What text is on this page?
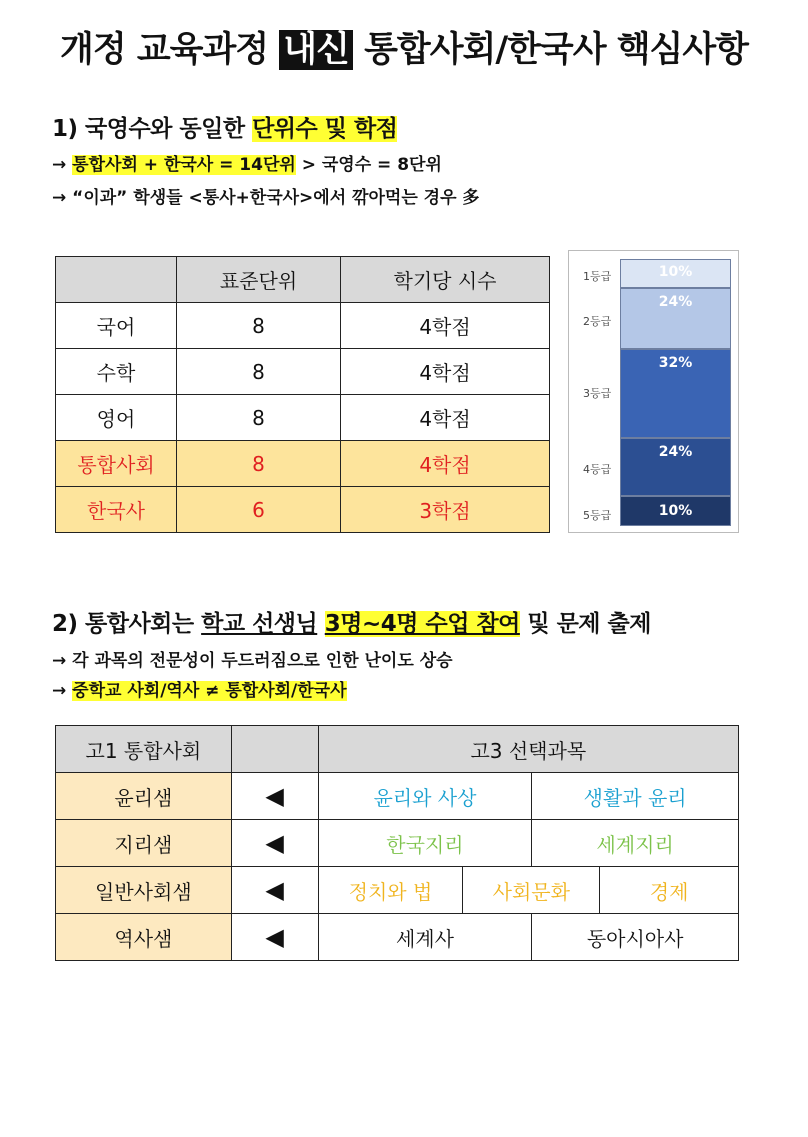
개정 교육과정 내신 통합사회/한국사 핵심사항
1) 국영수와 동일한 단위수 및 학점
→ 통합사회 + 한국사 = 14단위 > 국영수 = 8단위
→ “이과” 학생들 <통사+한국사>에서 깎아먹는 경우 多
	표준단위	학기당 시수
국어	8	4학점
수학	8	4학점
영어	8	4학점
통합사회	8	4학점
한국사	6	3학점
1등급
2등급
3등급
4등급
5등급
10%
24%
32%
24%
10%
2) 통합사회는 학교 선생님 3명~4명 수업 참여 및 문제 출제
→ 각 과목의 전문성이 두드러짐으로 인한 난이도 상승
→ 중학교 사회/역사 ≠ 통합사회/한국사
고1 통합사회		고3 선택과목			
윤리샘	◀	윤리와 사상		생활과 윤리	
지리샘	◀	한국지리		세계지리	
일반사회샘	◀	정치와 법	사회문화		경제
역사샘	◀	세계사		동아시아사	
